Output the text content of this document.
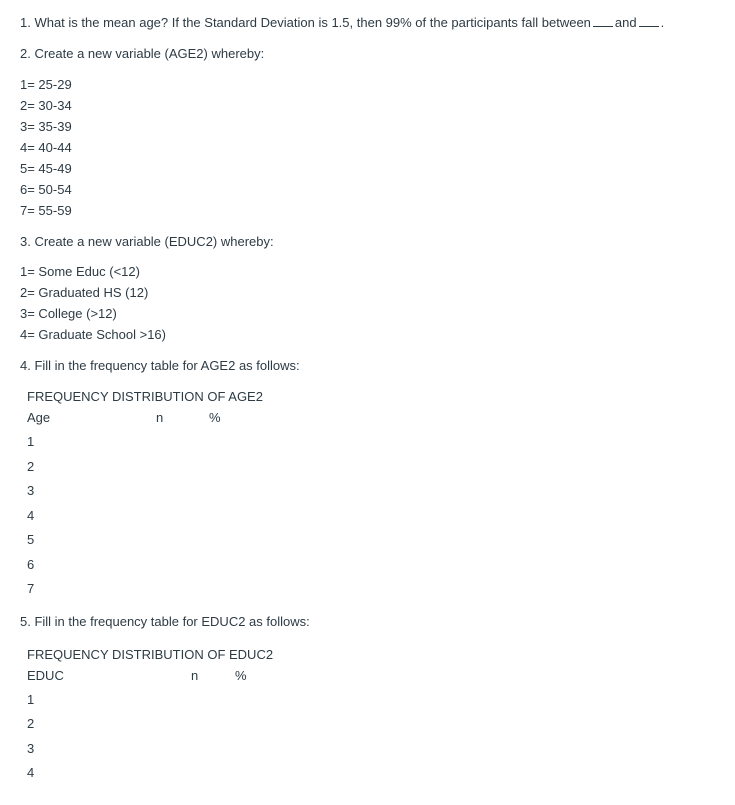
1. What is the mean age? If the Standard Deviation is 1.5, then 99% of the participants fall between and .

2. Create a new variable (AGE2) whereby:

1= 25-29
2= 30-34
3= 35-39
4= 40-44
5= 45-49
6= 50-54
7= 55-59

3. Create a new variable (EDUC2) whereby:

1= Some Educ (<12)
2= Graduated HS (12)
3= College (>12)
4= Graduate School >16)

4. Fill in the frequency table for AGE2 as follows:

FREQUENCY DISTRIBUTION OF AGE2
Age	n	%
1
2
3
4
5
6
7

5. Fill in the frequency table for EDUC2 as follows:

FREQUENCY DISTRIBUTION OF EDUC2
EDUC	n	%
1
2
3
4
